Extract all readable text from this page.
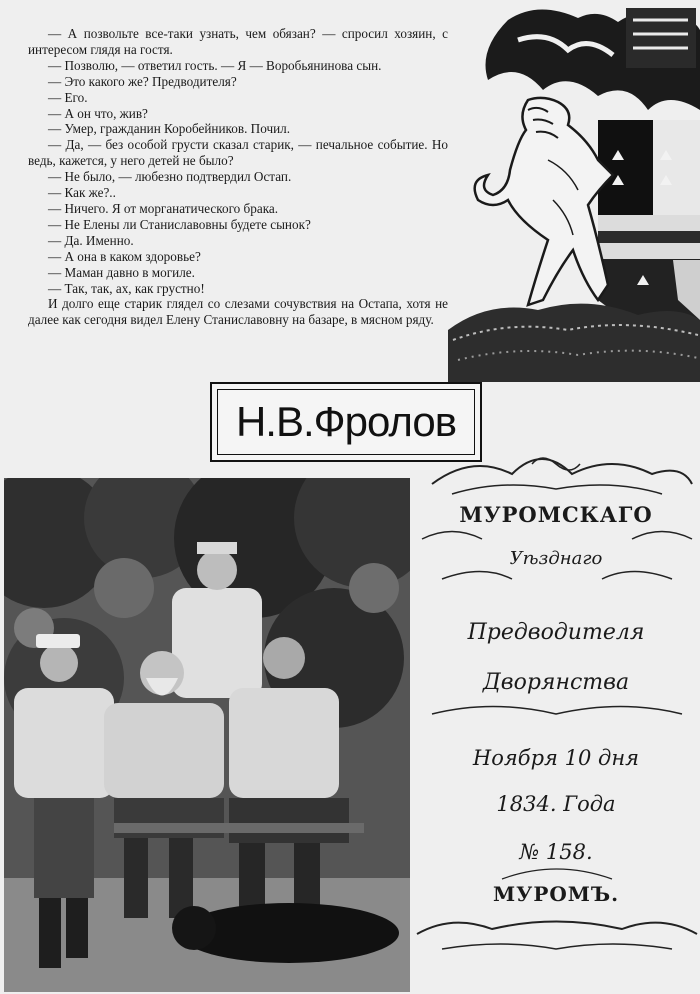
— А позвольте все-таки узнать, чем обязан? — спросил хозяин, с интересом глядя на гостя.

— Позволю, — ответил гость. — Я — Воробьянинова сын.

— Это какого же? Предводителя?

— Его.

— А он что, жив?

— Умер, гражданин Коробейников. Почил.

— Да, — без особой грусти сказал старик, — печальное событие. Но ведь, кажется, у него детей не было?

— Не было, — любезно подтвердил Остап.

— Как же?..

— Ничего. Я от морганатического брака.

— Не Елены ли Станиславовны будете сынок?

— Да. Именно.

— А она в каком здоровье?

— Маман давно в могиле.

— Так, так, ах, как грустно!

И долго еще старик глядел со слезами сочувствия на Остапа, хотя не далее как сегодня видел Елену Станиславовну на базаре, в мясном ряду.

Н.В.Фролов
МУРОМСКАГО
Уѣзднаго
Предводителя
Дворянства
Ноября 10 дня
1834. Года
№ 158.
МУРОМЪ.
